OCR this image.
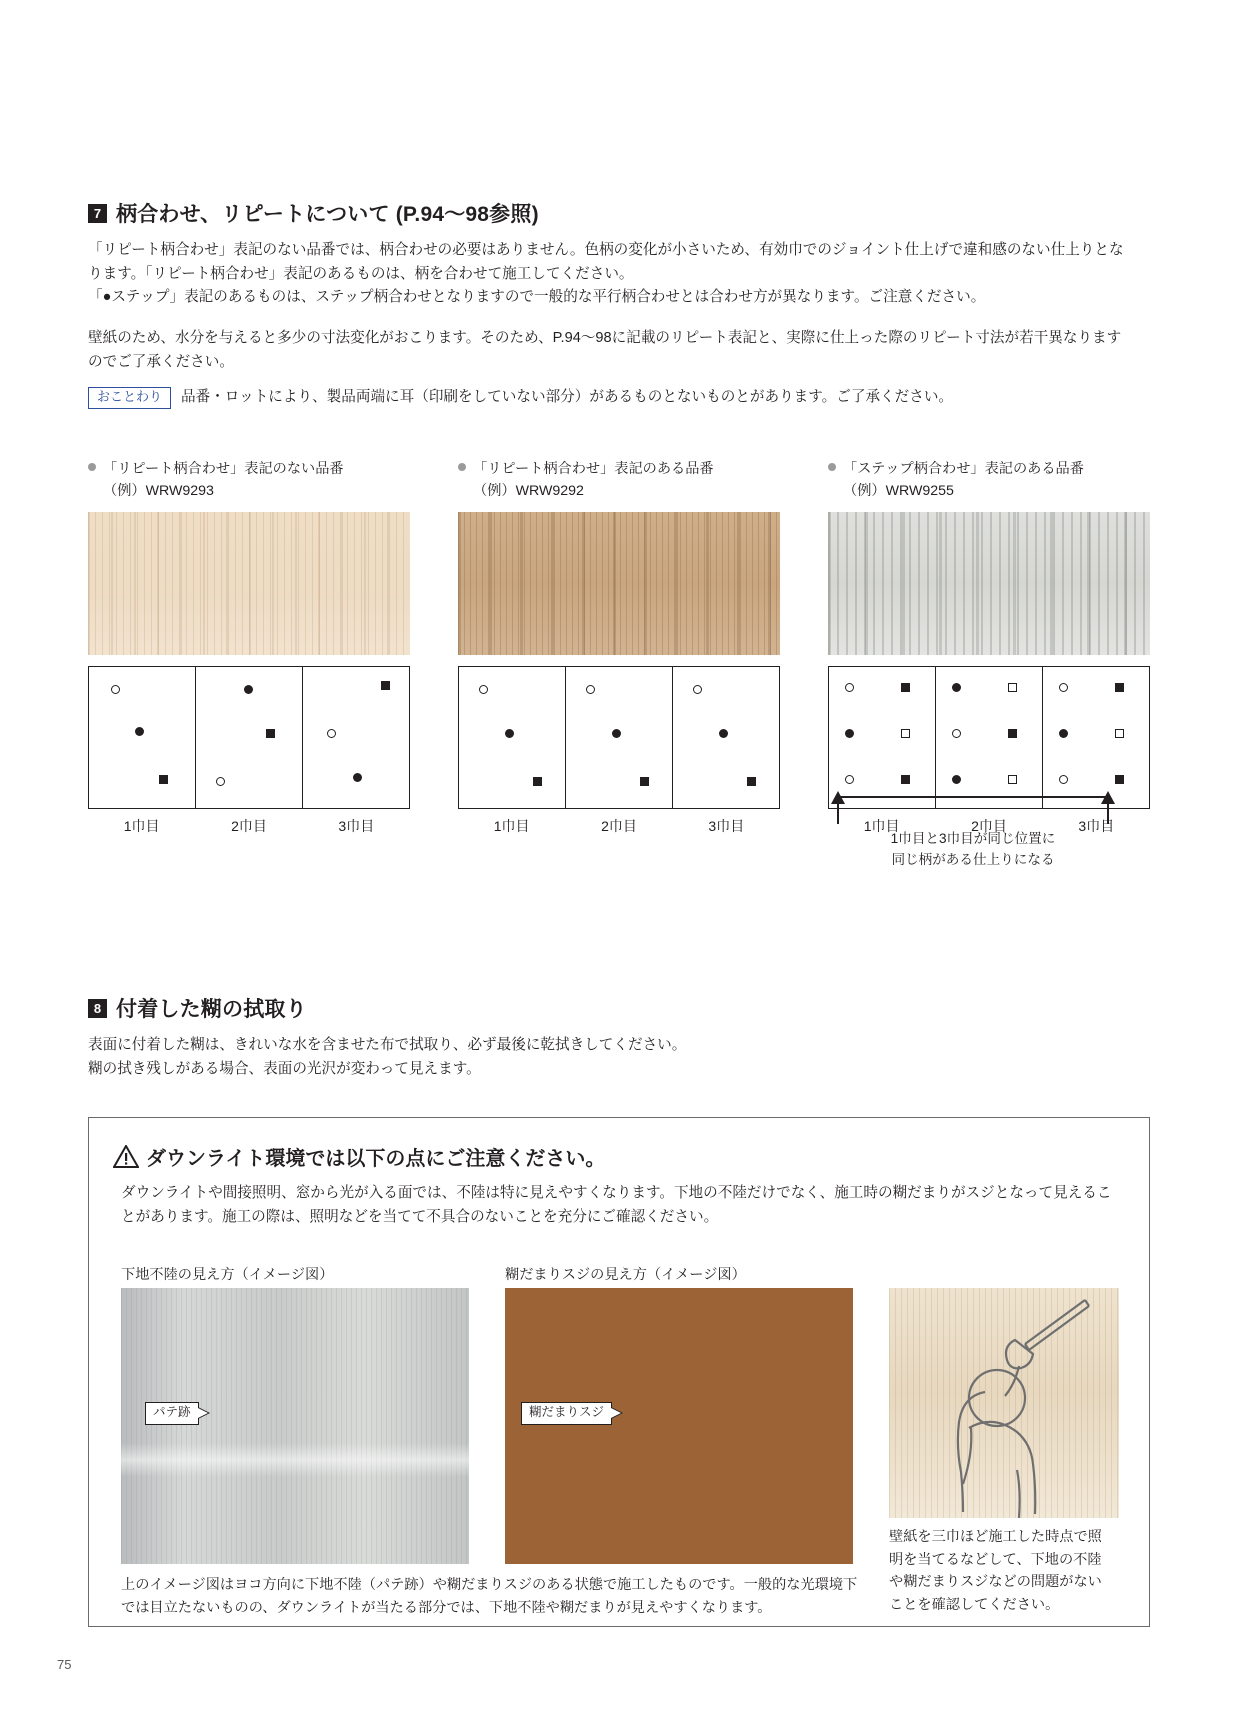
7 柄合わせ、リピートについて (P.94〜98参照)
「リピート柄合わせ」表記のない品番では、柄合わせの必要はありません。色柄の変化が小さいため、有効巾でのジョイント仕上げで違和感のない仕上りとなります。「リピート柄合わせ」表記のあるものは、柄を合わせて施工してください。
「●ステップ」表記のあるものは、ステップ柄合わせとなりますので一般的な平行柄合わせとは合わせ方が異なります。ご注意ください。
壁紙のため、水分を与えると多少の寸法変化がおこります。そのため、P.94〜98に記載のリピート表記と、実際に仕上った際のリピート寸法が若干異なりますのでご了承ください。
おことわり	品番・ロットにより、製品両端に耳（印刷をしていない部分）があるものとないものとがあります。ご了承ください。
「リピート柄合わせ」表記のない品番
（例）WRW9293
1巾目	2巾目	3巾目
「リピート柄合わせ」表記のある品番
（例）WRW9292
1巾目	2巾目	3巾目
「ステップ柄合わせ」表記のある品番
（例）WRW9255
1巾目	2巾目	3巾目
1巾目と3巾目が同じ位置に
同じ柄がある仕上りになる
8 付着した糊の拭取り
表面に付着した糊は、きれいな水を含ませた布で拭取り、必ず最後に乾拭きしてください。
糊の拭き残しがある場合、表面の光沢が変わって見えます。
ダウンライト環境では以下の点にご注意ください。
ダウンライトや間接照明、窓から光が入る面では、不陸は特に見えやすくなります。下地の不陸だけでなく、施工時の糊だまりがスジとなって見えることがあります。施工の際は、照明などを当てて不具合のないことを充分にご確認ください。
下地不陸の見え方（イメージ図）	糊だまりスジの見え方（イメージ図）
パテ跡	糊だまりスジ
上のイメージ図はヨコ方向に下地不陸（パテ跡）や糊だまりスジのある状態で施工したものです。一般的な光環境下では目立たないものの、ダウンライトが当たる部分では、下地不陸や糊だまりが見えやすくなります。
壁紙を三巾ほど施工した時点で照明を当てるなどして、下地の不陸や糊だまりスジなどの問題がないことを確認してください。
75
